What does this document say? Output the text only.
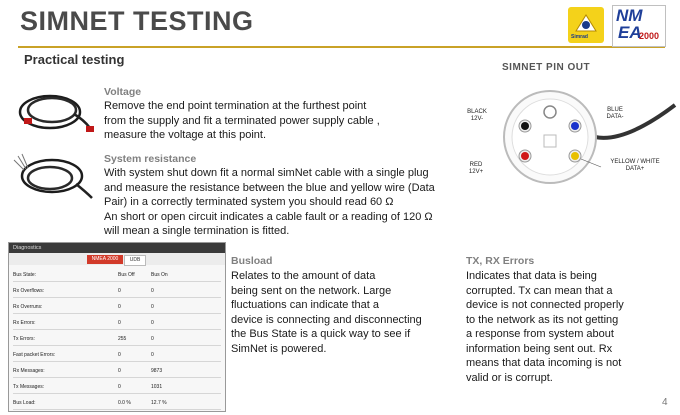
SIMNET TESTING
Practical testing
Simrad
NM
EA
2000
SIMNET PIN OUT
BLACK
12V-
BLUE
DATA-
RED
12V+
YELLOW / WHITE
DATA+
Voltage
Remove the end point termination at the furthest point
from the supply and fit a terminated power supply cable ,
measure the voltage at this point.
System resistance
With system shut down fit a normal simNet cable with a single plug
and measure the resistance between the blue and yellow wire (Data
Pair) in a correctly terminated system you should read 60 Ω
An short or open circuit indicates a cable fault or a reading of 120 Ω
will mean a single termination is fitted.
Diagnostics
NMEA 2000	UDB
Bus State:	Bus Off	Bus On
Rx Overflows:	0	0
Rx Overruns:	0	0
Rx Errors:	0	0
Tx Errors:	255	0
Fast packet Errors:	0	0
Rx Messages:	0	9873
Tx Messages:	0	1031
Bus Load:	0.0 %	12.7 %
Busload
Relates to the amount of data
being sent on the network. Large
fluctuations can indicate that a
device is connecting and disconnecting
the Bus State is a quick way to see if
SimNet is powered.
TX, RX Errors
Indicates that data is being
corrupted. Tx can mean that a
device is not connected properly
to the network as its not getting
a response from system about
information being sent out. Rx
means that data incoming is not
valid or is corrupt.
4
